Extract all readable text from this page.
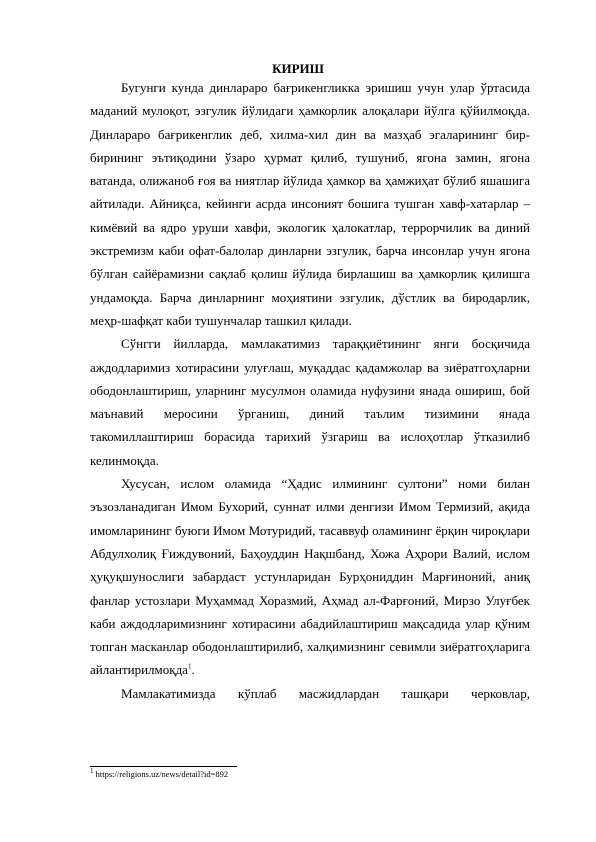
КИРИШ

Бугунги кунда динлараро бағрикенгликка эришиш учун улар ўртасида маданий мулоқот, эзгулик йўлидаги ҳамкорлик алоқалари йўлга қўйилмоқда. Динлараро бағрикенглик деб, хилма-хил дин ва мазҳаб эгаларининг бир-бирининг эътиқодини ўзаро ҳурмат қилиб, тушуниб, ягона замин, ягона ватанда, олижаноб ғоя ва ниятлар йўлида ҳамкор ва ҳамжиҳат бўлиб яшашига айтилади. Айниқса, кейинги асрда инсоният бошига тушган хавф-хатарлар – кимёвий ва ядро уруши хавфи, экологик ҳалокатлар, террорчилик ва диний экстремизм каби офат-балолар динларни эзгулик, барча инсонлар учун ягона бўлган сайёрамизни сақлаб қолиш йўлида бирлашиш ва ҳамкорлик қилишга ундамоқда. Барча динларнинг моҳиятини эзгулик, дўстлик ва биродарлик, меҳр-шафқат каби тушунчалар ташкил қилади.

Сўнгги йилларда, мамлакатимиз тараққиётининг янги босқичида аждодларимиз хотирасини улуғлаш, муқаддас қадамжолар ва зиёратгоҳларни ободонлаштириш, уларнинг мусулмон оламида нуфузини янада ошириш, бой маънавий меросини ўрганиш, диний таълим тизимини янада такомиллаштириш борасида тарихий ўзгариш ва ислоҳотлар ўтказилиб келинмоқда.

Хусусан, ислом оламида “Ҳадис илмининг султони” номи билан эъзозланадиган Имом Бухорий, суннат илми денгизи Имом Термизий, ақида имомларининг буюги Имом Мотуридий, тасаввуф оламининг ёрқин чироқлари Абдулхолиқ Ғиждувоний, Баҳоуддин Нақшбанд, Хожа Аҳрори Валий, ислом ҳуқуқшунослиги забардаст устунларидан Бурҳониддин Марғиноний, аниқ фанлар устозлари Муҳаммад Хоразмий, Аҳмад ал-Фарғоний, Мирзо Улуғбек каби аждодларимизнинг хотирасини абадийлаштириш мақсадида улар қўним топган масканлар ободонлаштирилиб, халқимизнинг севимли зиёратгоҳларига айлантирилмоқда$^1$.

Мамлакатимизда кўплаб масжидлардан ташқари черковлар,

$^1$ https://religions.uz/news/detail?id=892
